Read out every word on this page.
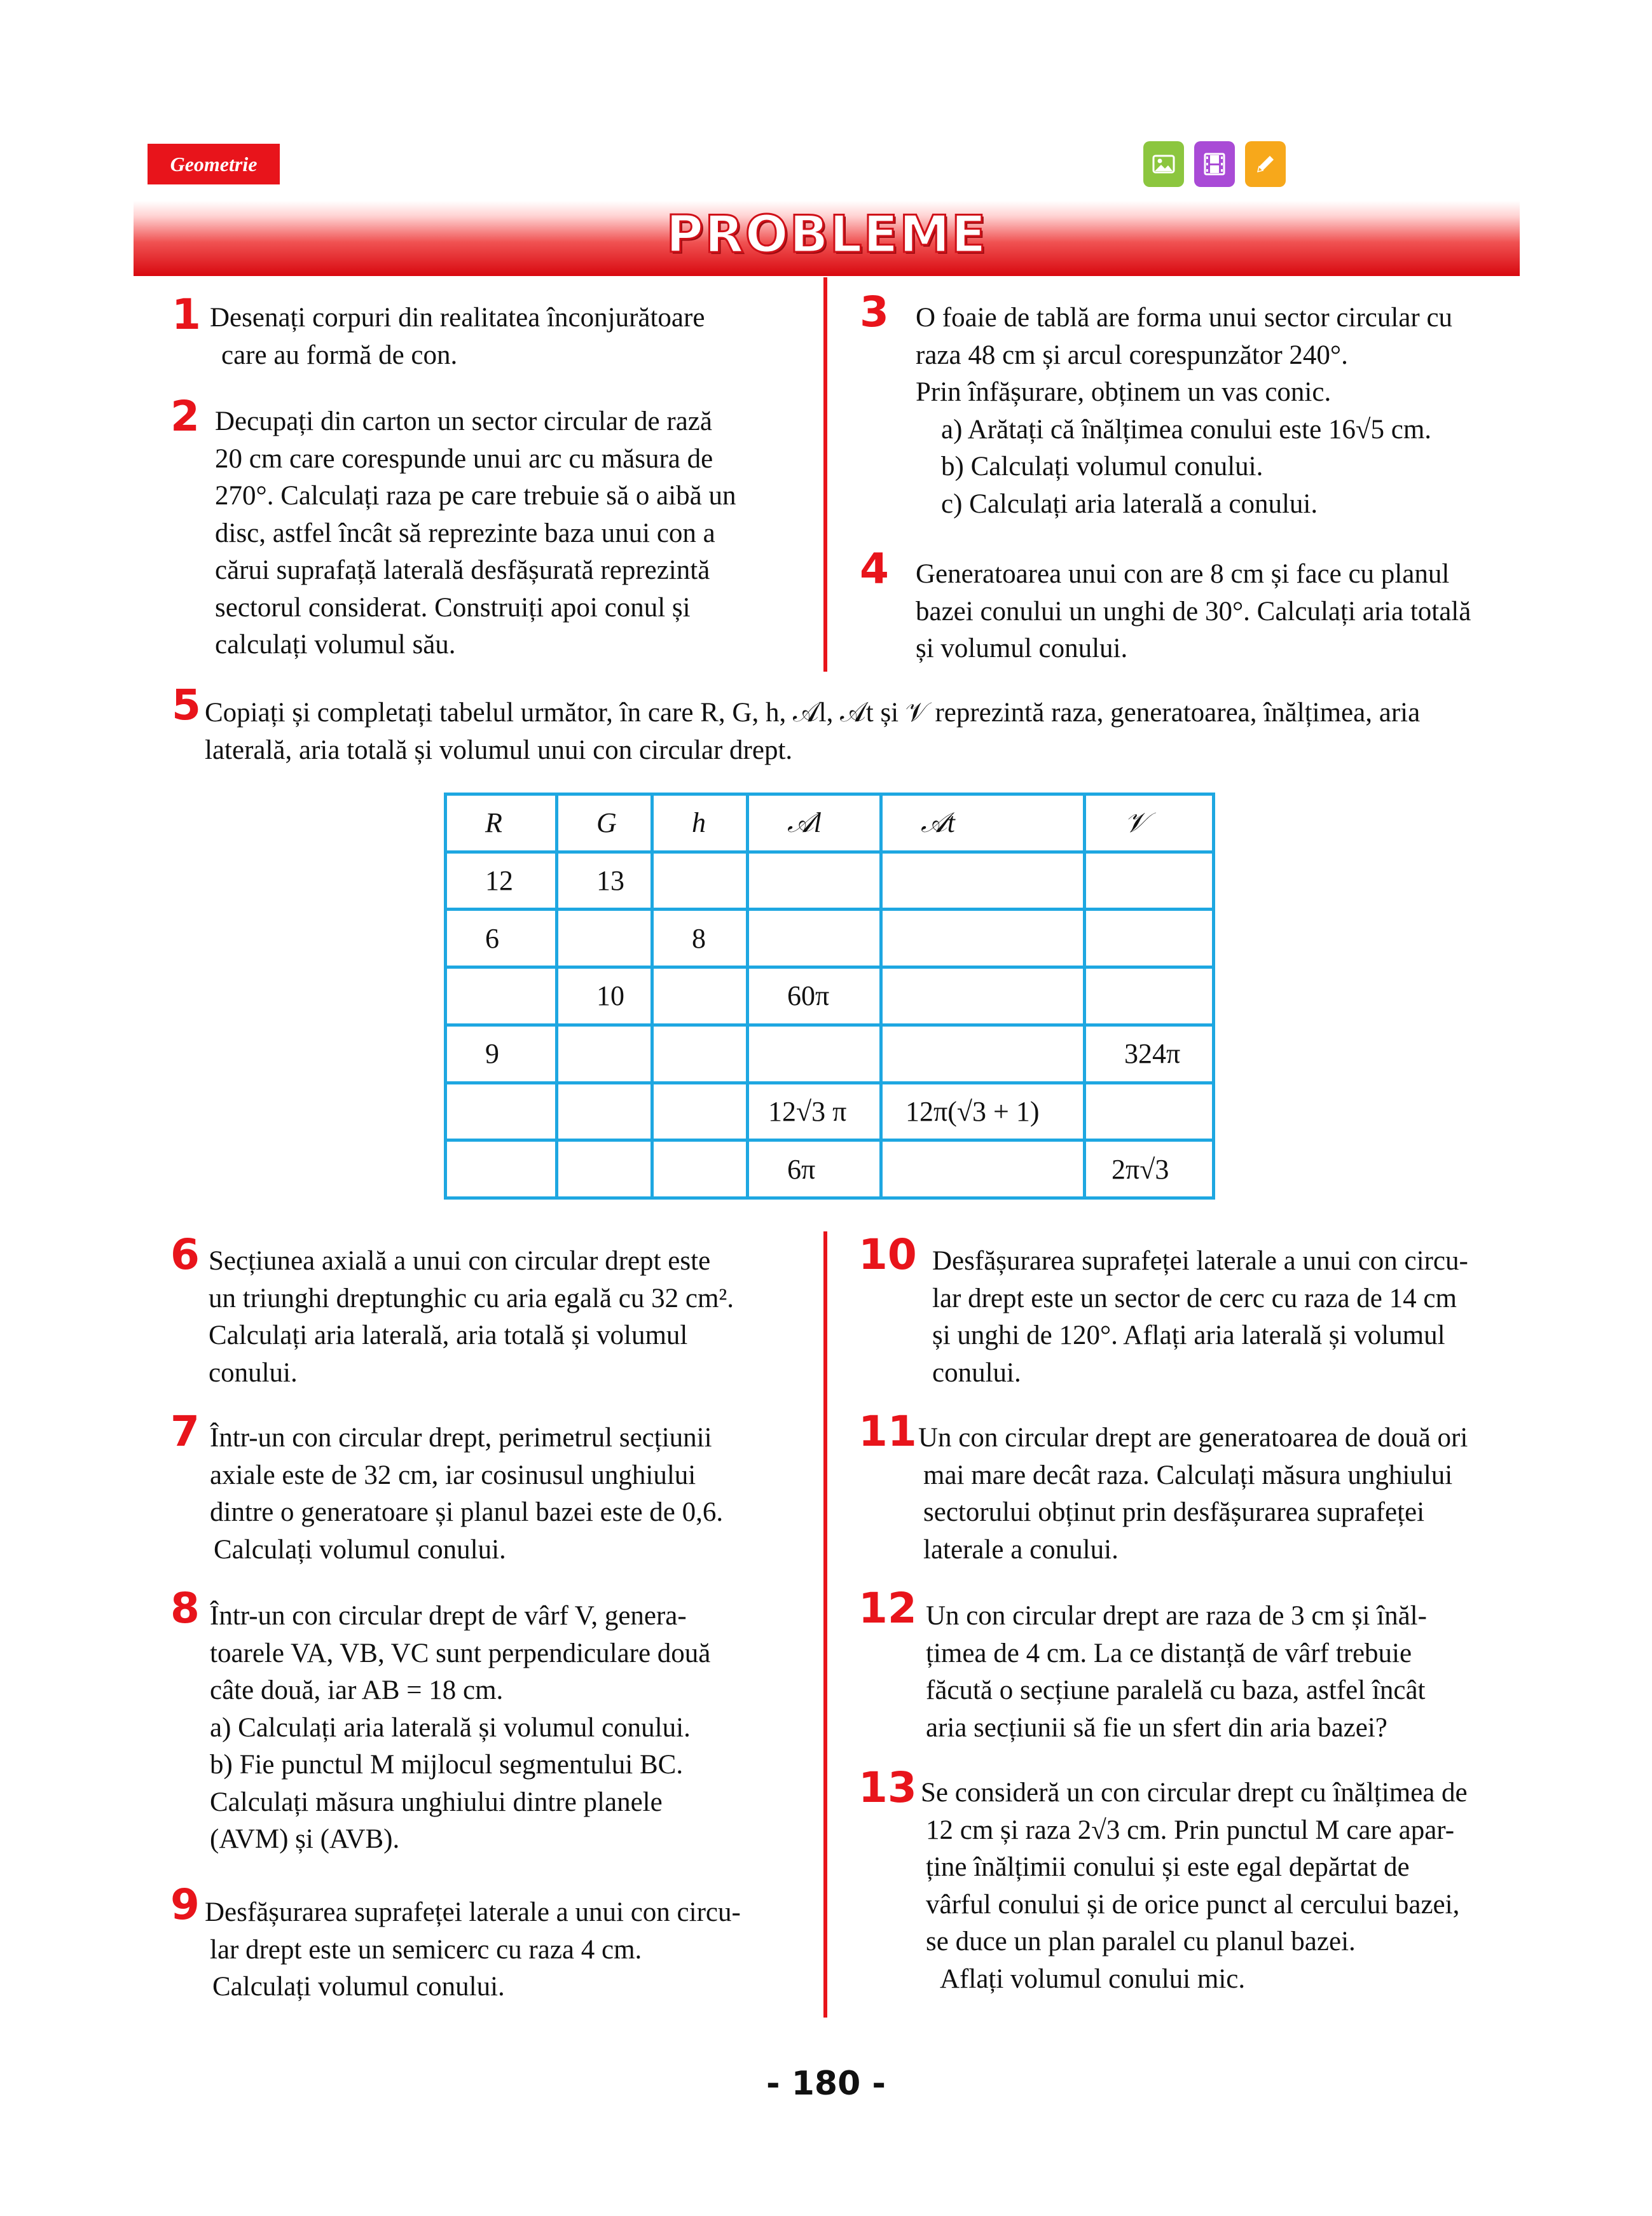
Geometrie
PROBLEME
1 Desenați corpuri din realitatea înconjurătoare
care au formă de con.
2 Decupați din carton un sector circular de rază
20 cm care corespunde unui arc cu măsura de
270°. Calculați raza pe care trebuie să o aibă un
disc, astfel încât să reprezinte baza unui con a
cărui suprafață laterală desfășurată reprezintă
sectorul considerat. Construiți apoi conul și
calculați volumul său.
3 O foaie de tablă are forma unui sector circular cu
raza 48 cm și arcul corespunzător 240°.
Prin înfășurare, obținem un vas conic.
a) Arătați că înălțimea conului este 16√5 cm.
b) Calculați volumul conului.
c) Calculați aria laterală a conului.
4 Generatoarea unui con are 8 cm și face cu planul
bazei conului un unghi de 30°. Calculați aria totală
și volumul conului.
5 Copiați și completați tabelul următor, în care R, G, h, 𝒜l, 𝒜t și 𝒱 reprezintă raza, generatoarea, înălțimea, aria
laterală, aria totală și volumul unui con circular drept.
R	G	h	𝒜l	𝒜t	𝒱
12	13				
6		8			
	10		60π		
9					324π
			12√3 π	12π(√3 + 1)	
			6π		2π√3
6 Secțiunea axială a unui con circular drept este
un triunghi dreptunghic cu aria egală cu 32 cm².
Calculați aria laterală, aria totală și volumul
conului.
7 Într-un con circular drept, perimetrul secțiunii
axiale este de 32 cm, iar cosinusul unghiului
dintre o generatoare și planul bazei este de 0,6.
Calculați volumul conului.
8 Într-un con circular drept de vârf V, genera-
toarele VA, VB, VC sunt perpendiculare două
câte două, iar AB = 18 cm.
a) Calculați aria laterală și volumul conului.
b) Fie punctul M mijlocul segmentului BC.
Calculați măsura unghiului dintre planele
(AVM) și (AVB).
9 Desfășurarea suprafeței laterale a unui con circu-
lar drept este un semicerc cu raza 4 cm.
Calculați volumul conului.
10 Desfășurarea suprafeței laterale a unui con circu-
lar drept este un sector de cerc cu raza de 14 cm
și unghi de 120°. Aflați aria laterală și volumul
conului.
11 Un con circular drept are generatoarea de două ori
mai mare decât raza. Calculați măsura unghiului
sectorului obținut prin desfășurarea suprafeței
laterale a conului.
12 Un con circular drept are raza de 3 cm și înăl-
țimea de 4 cm. La ce distanță de vârf trebuie
făcută o secțiune paralelă cu baza, astfel încât
aria secțiunii să fie un sfert din aria bazei?
13 Se consideră un con circular drept cu înălțimea de
12 cm și raza 2√3 cm. Prin punctul M care apar-
ține înălțimii conului și este egal depărtat de
vârful conului și de orice punct al cercului bazei,
se duce un plan paralel cu planul bazei.
Aflați volumul conului mic.
- 180 -
